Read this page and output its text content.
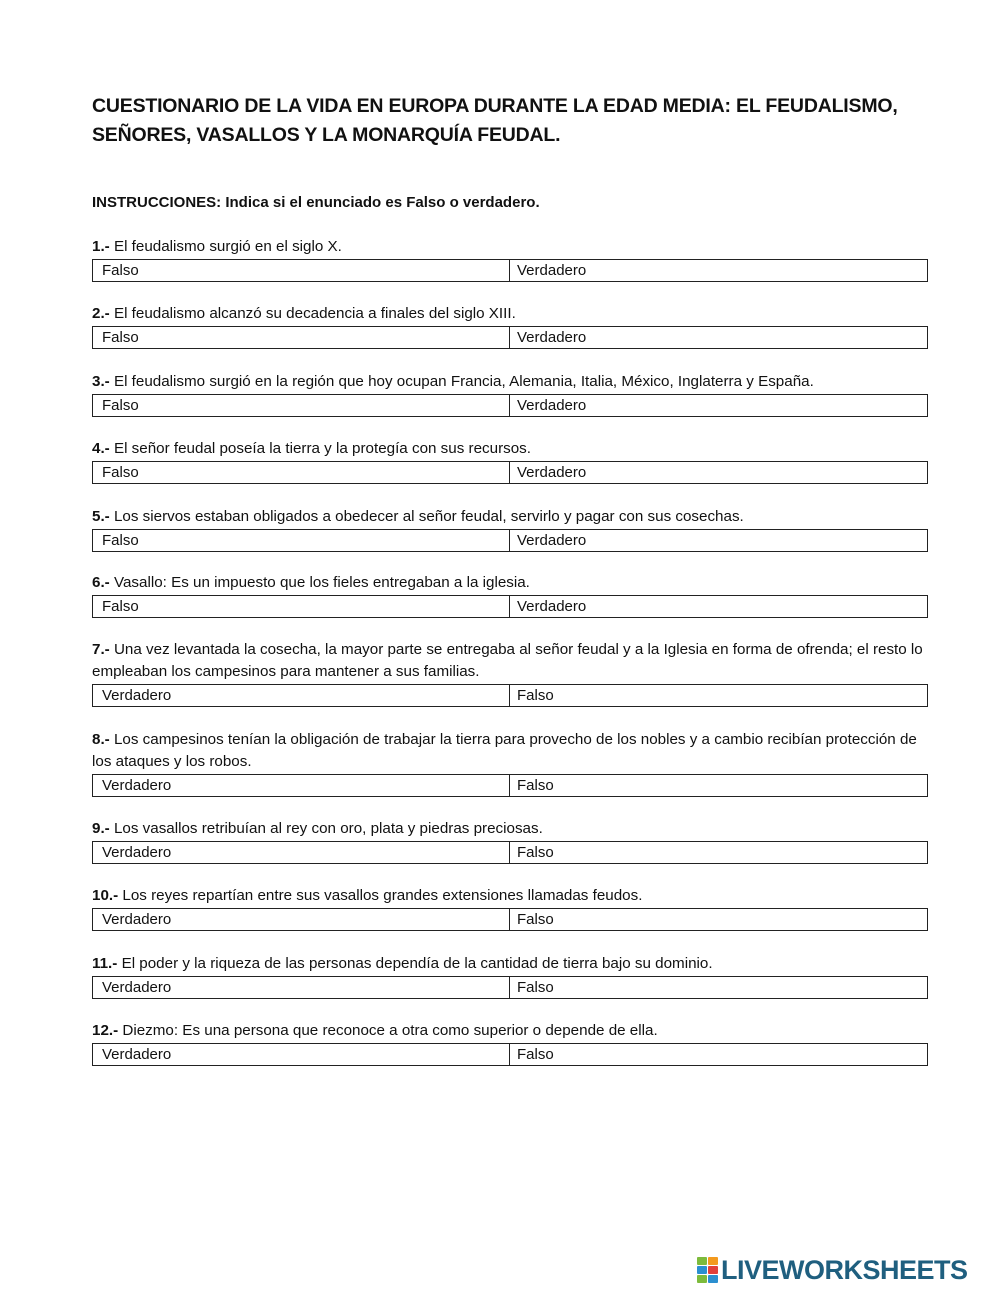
CUESTIONARIO DE LA VIDA EN EUROPA DURANTE LA EDAD MEDIA: EL FEUDALISMO, SEÑORES, VASALLOS Y LA MONARQUÍA FEUDAL.

INSTRUCCIONES: Indica si el enunciado es Falso o verdadero.

1.- El feudalismo surgió en el siglo X.

Falso	Verdadero

2.- El feudalismo alcanzó su decadencia a finales del siglo XIII.

Falso	Verdadero

3.- El feudalismo surgió en la región que hoy ocupan Francia, Alemania, Italia, México, Inglaterra y España.

Falso	Verdadero

4.- El señor feudal poseía la tierra y la protegía con sus recursos.

Falso	Verdadero

5.- Los siervos estaban obligados a obedecer al señor feudal, servirlo y pagar con sus cosechas.

Falso	Verdadero

6.- Vasallo: Es un impuesto que los fieles entregaban a la iglesia.

Falso	Verdadero

7.- Una vez levantada la cosecha, la mayor parte se entregaba al señor feudal y a la Iglesia en forma de ofrenda; el resto lo empleaban los campesinos para mantener a sus familias.

Verdadero	Falso

8.- Los campesinos tenían la obligación de trabajar la tierra para provecho de los nobles y a cambio recibían protección de los ataques y los robos.

Verdadero	Falso

9.- Los vasallos retribuían al rey con oro, plata y piedras preciosas.

Verdadero	Falso

10.- Los reyes repartían entre sus vasallos grandes extensiones llamadas feudos.

Verdadero	Falso

11.- El poder y la riqueza de las personas dependía de la cantidad de tierra bajo su dominio.

Verdadero	Falso

12.- Diezmo: Es una persona que reconoce a otra como superior o depende de ella.

Verdadero	Falso
LIVEWORKSHEETS
